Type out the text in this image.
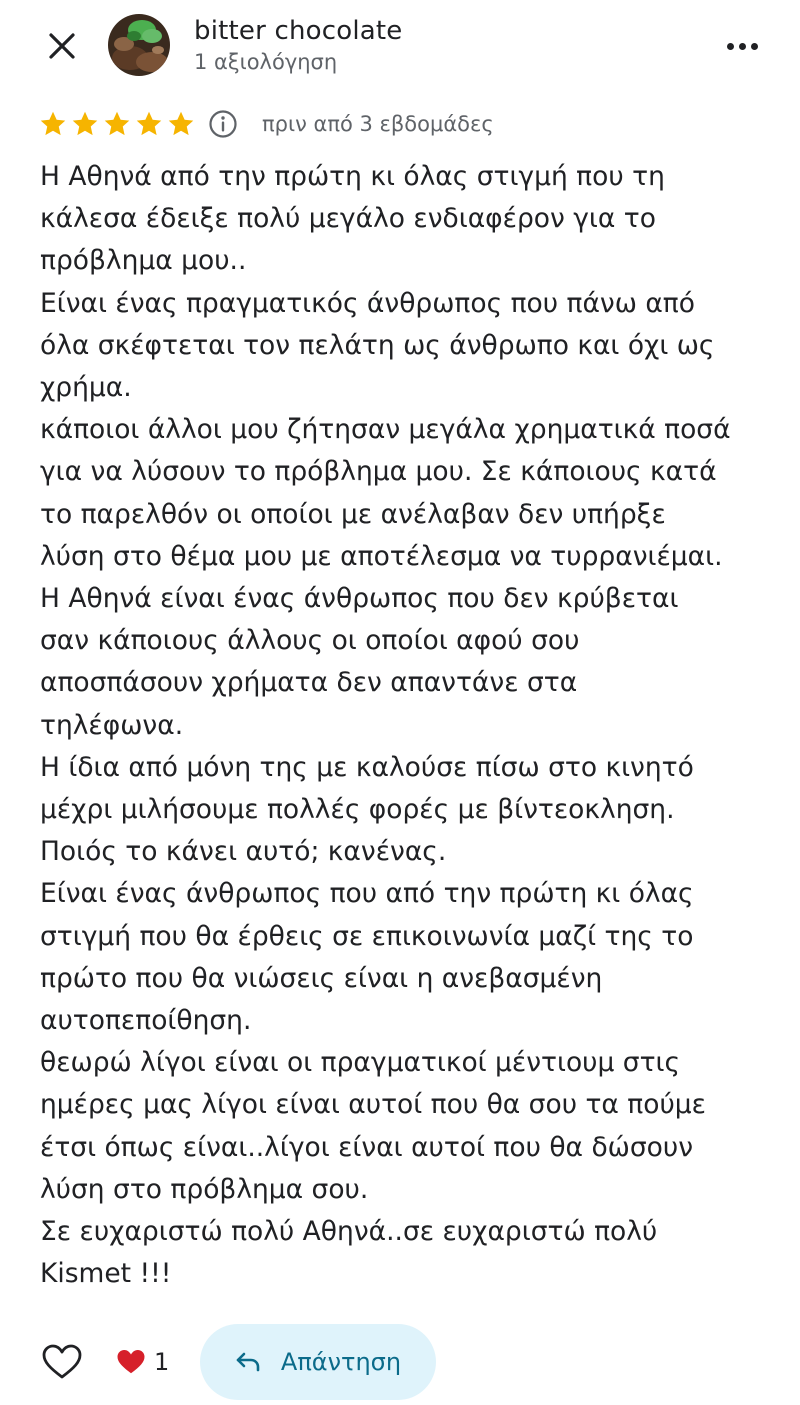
bitter chocolate
1 αξιολόγηση
πριν από 3 εβδομάδες

Η Αθηνά από την πρώτη κι όλας στιγμή που τη
κάλεσα έδειξε πολύ μεγάλο ενδιαφέρον για το
πρόβλημα μου..
Είναι ένας πραγματικός άνθρωπος που πάνω από
όλα σκέφτεται τον πελάτη ως άνθρωπο και όχι ως
χρήμα.
κάποιοι άλλοι μου ζήτησαν μεγάλα χρηματικά ποσά
για να λύσουν το πρόβλημα μου. Σε κάποιους κατά
το παρελθόν οι οποίοι με ανέλαβαν δεν υπήρξε
λύση στο θέμα μου με αποτέλεσμα να τυρρανιέμαι.
Η Αθηνά είναι ένας άνθρωπος που δεν κρύβεται
σαν κάποιους άλλους οι οποίοι αφού σου
αποσπάσουν χρήματα δεν απαντάνε στα
τηλέφωνα.
Η ίδια από μόνη της με καλούσε πίσω στο κινητό
μέχρι μιλήσουμε πολλές φορές με βίντεοκληση.
Ποιός το κάνει αυτό; κανένας.
Είναι ένας άνθρωπος που από την πρώτη κι όλας
στιγμή που θα έρθεις σε επικοινωνία μαζί της το
πρώτο που θα νιώσεις είναι η ανεβασμένη
αυτοπεποίθηση.
θεωρώ λίγοι είναι οι πραγματικοί μέντιουμ στις
ημέρες μας λίγοι είναι αυτοί που θα σου τα πούμε
έτσι όπως είναι..λίγοι είναι αυτοί που θα δώσουν
λύση στο πρόβλημα σου.
Σε ευχαριστώ πολύ Αθηνά..σε ευχαριστώ πολύ
Kismet !!!

1	Απάντηση
